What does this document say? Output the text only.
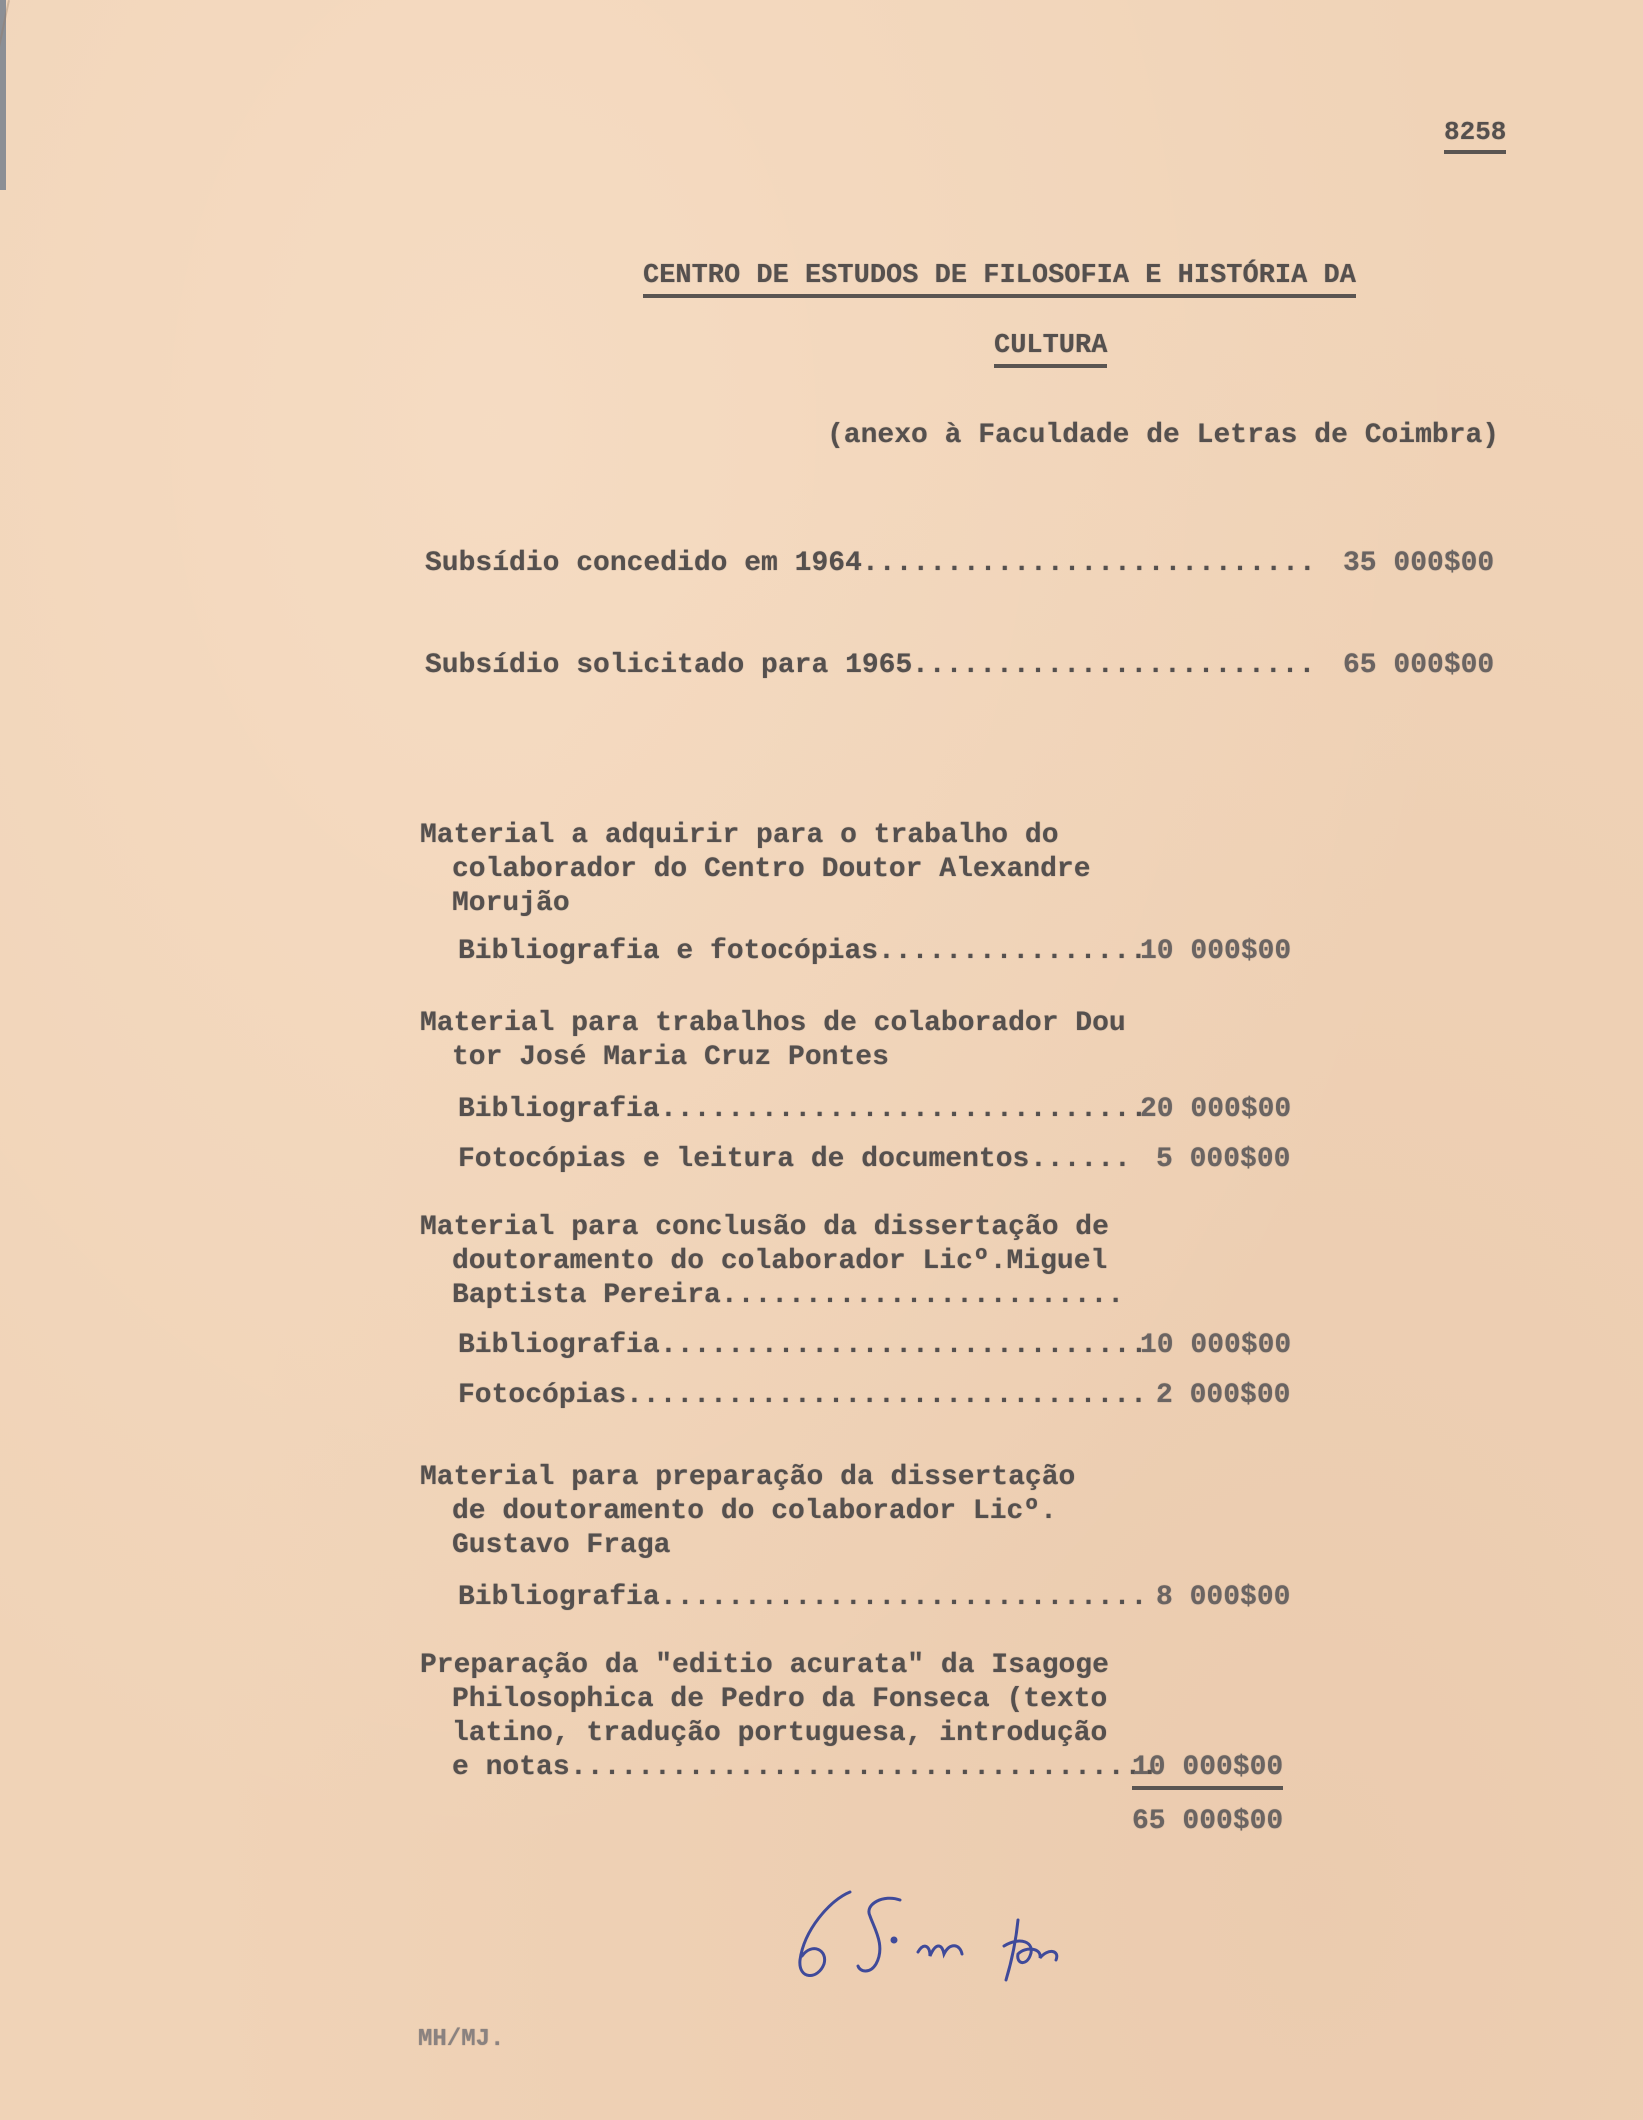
8258
CENTRO DE ESTUDOS DE FILOSOFIA E HISTÓRIA DA
CULTURA
(anexo à Faculdade de Letras de Coimbra)
Subsídio concedido em 1964 ........................... 35 000$00
Subsídio solicitado para 1965 ........................ 65 000$00
Material a adquirir para o trabalho do
colaborador do Centro Doutor Alexandre
Morujão
Bibliografia e fotocópias ................
10 000$00
Material para trabalhos de colaborador Dou
tor José Maria Cruz Pontes
Bibliografia .............................
20 000$00
Fotocópias e leitura de documentos ...... 5 000$00
Material para conclusão da dissertação de
doutoramento do colaborador Licº.Miguel
Baptista Pereira........................
Bibliografia .............................
10 000$00
Fotocópias ............................... 2 000$00
Material para preparação da dissertação
de doutoramento do colaborador Licº.
Gustavo Fraga
Bibliografia ............................. 8 000$00
Preparação da "editio acurata" da Isagoge
Philosophica de Pedro da Fonseca (texto
latino, tradução portuguesa, introdução
e notas ...................................
10 000$00
65 000$00
MH/MJ.
